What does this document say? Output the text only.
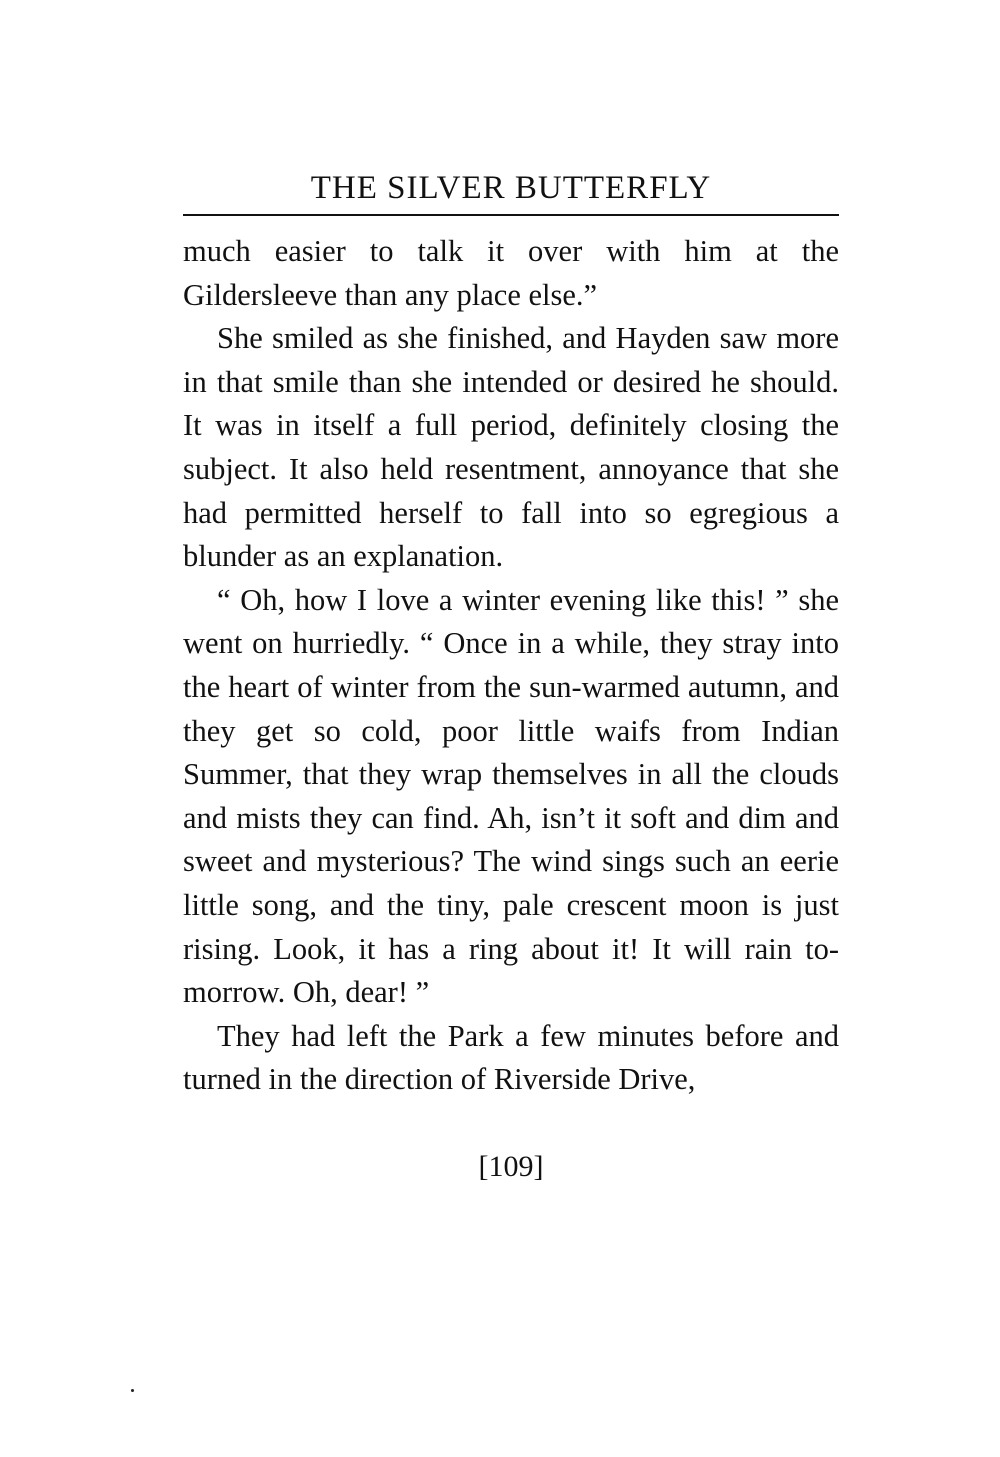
THE SILVER BUTTERFLY

much easier to talk it over with him at the Gildersleeve than any place else.”

She smiled as she finished, and Hayden saw more in that smile than she intended or desired he should. It was in itself a full period, definitely closing the subject. It also held resentment, annoyance that she had permitted herself to fall into so egregious a blunder as an explanation.

“ Oh, how I love a winter evening like this! ” she went on hurriedly. “ Once in a while, they stray into the heart of winter from the sun-warmed autumn, and they get so cold, poor little waifs from Indian Summer, that they wrap themselves in all the clouds and mists they can find. Ah, isn’t it soft and dim and sweet and mysterious? The wind sings such an eerie little song, and the tiny, pale crescent moon is just rising. Look, it has a ring about it! It will rain to-morrow. Oh, dear! ”

They had left the Park a few minutes before and turned in the direction of Riverside Drive,

[109]
